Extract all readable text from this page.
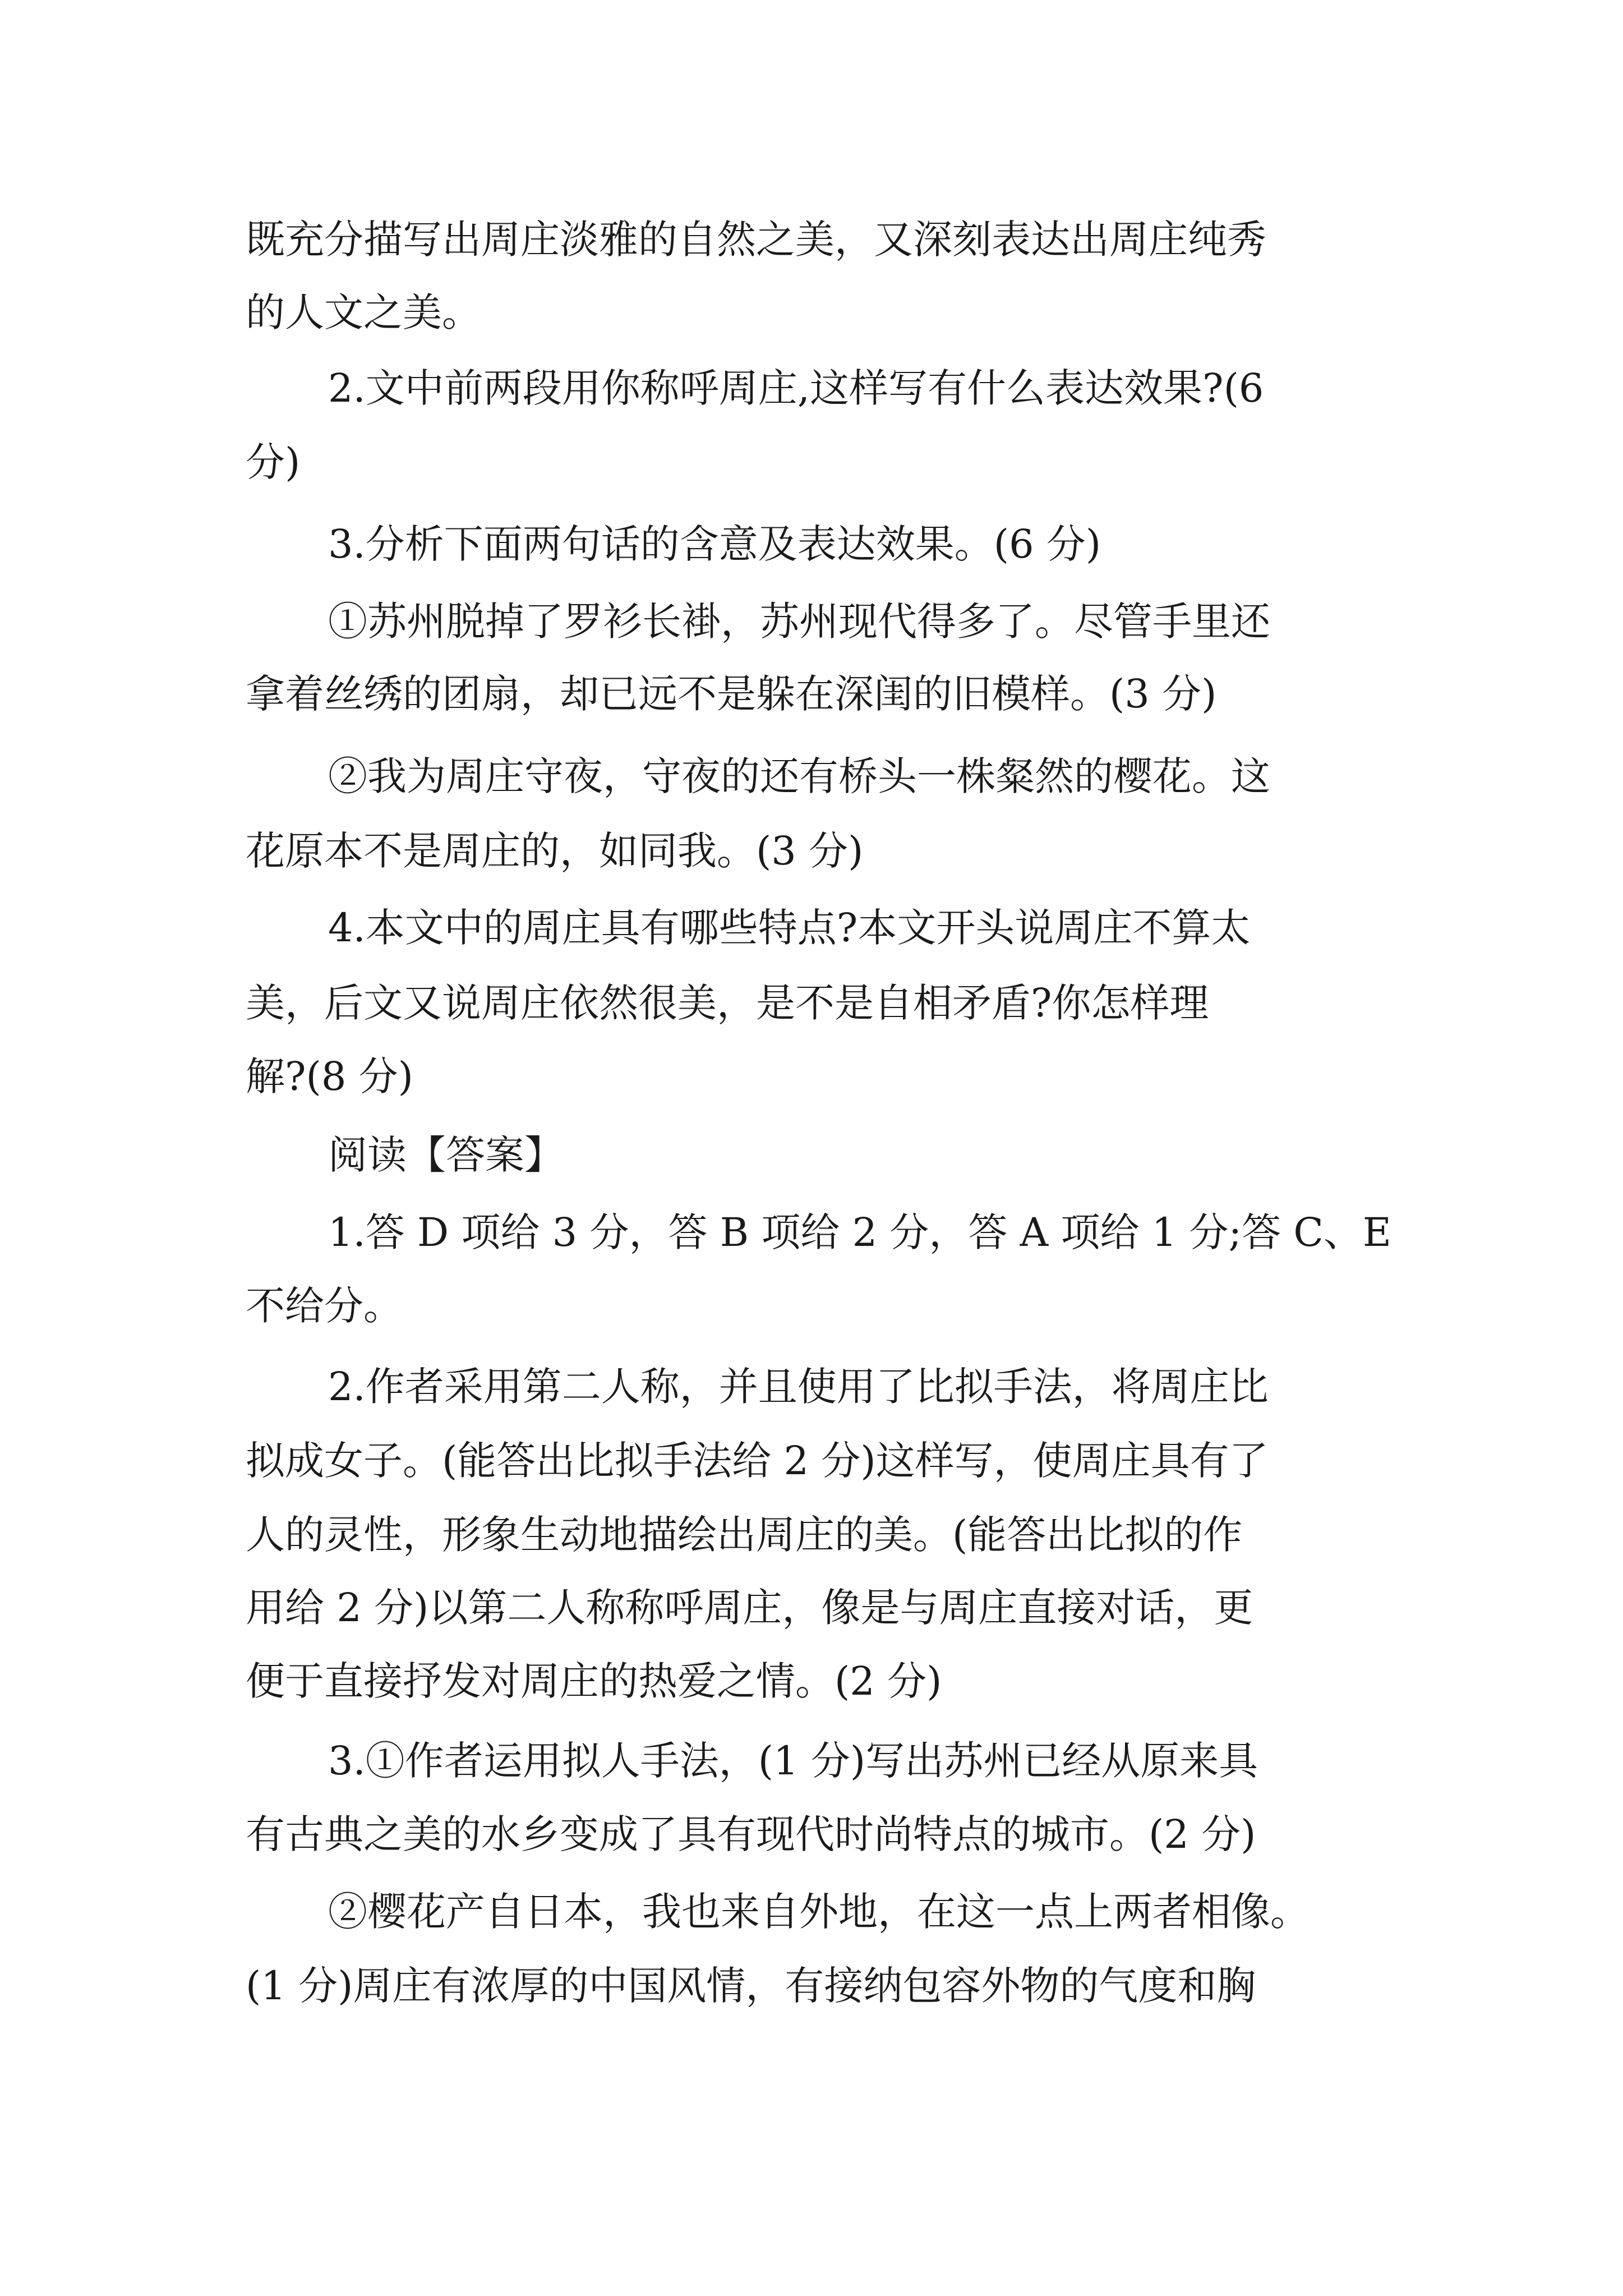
既充分描写出周庄淡雅的自然之美，又深刻表达出周庄纯秀
的人文之美。
2.文中前两段用你称呼周庄,这样写有什么表达效果?(6
分)
3.分析下面两句话的含意及表达效果。(6 分)
①苏州脱掉了罗衫长褂，苏州现代得多了。尽管手里还
拿着丝绣的团扇，却已远不是躲在深闺的旧模样。(3 分)
②我为周庄守夜，守夜的还有桥头一株粲然的樱花。这
花原本不是周庄的，如同我。(3 分)
4.本文中的周庄具有哪些特点?本文开头说周庄不算太
美，后文又说周庄依然很美，是不是自相矛盾?你怎样理
解?(8 分)
阅读【答案】
1.答 D 项给 3 分，答 B 项给 2 分，答 A 项给 1 分;答 C、E
不给分。
2.作者采用第二人称，并且使用了比拟手法，将周庄比
拟成女子。(能答出比拟手法给 2 分)这样写，使周庄具有了
人的灵性，形象生动地描绘出周庄的美。(能答出比拟的作
用给 2 分)以第二人称称呼周庄，像是与周庄直接对话，更
便于直接抒发对周庄的热爱之情。(2 分)
3.①作者运用拟人手法，(1 分)写出苏州已经从原来具
有古典之美的水乡变成了具有现代时尚特点的城市。(2 分)
②樱花产自日本，我也来自外地，在这一点上两者相像。
(1 分)周庄有浓厚的中国风情，有接纳包容外物的气度和胸
